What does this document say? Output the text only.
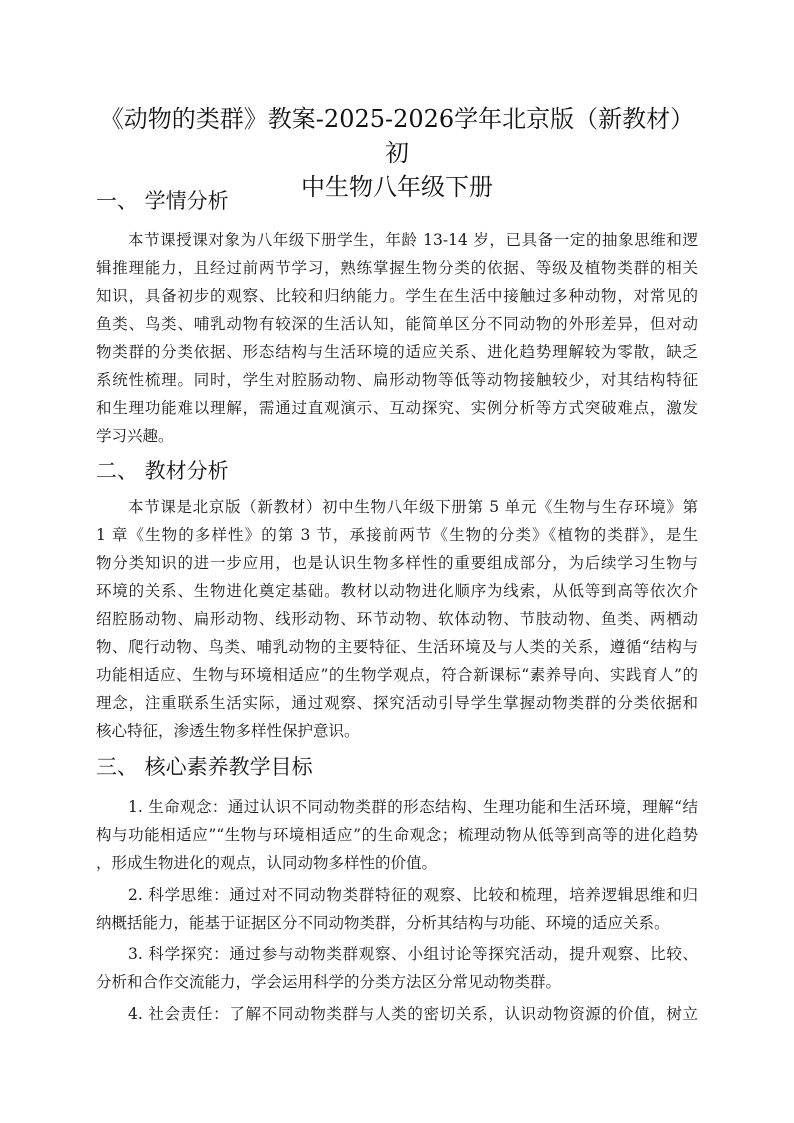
《动物的类群》教案-2025-2026学年北京版（新教材）初
中生物八年级下册
一、 学情分析
本节课授课对象为八年级下册学生，年龄 13-14 岁，已具备一定的抽象思维和逻
辑推理能力，且经过前两节学习，熟练掌握生物分类的依据、等级及植物类群的相关
知识，具备初步的观察、比较和归纳能力。学生在生活中接触过多种动物，对常见的
鱼类、鸟类、哺乳动物有较深的生活认知，能简单区分不同动物的外形差异，但对动
物类群的分类依据、形态结构与生活环境的适应关系、进化趋势理解较为零散，缺乏
系统性梳理。同时，学生对腔肠动物、扁形动物等低等动物接触较少，对其结构特征
和生理功能难以理解，需通过直观演示、互动探究、实例分析等方式突破难点，激发
学习兴趣。
二、 教材分析
本节课是北京版（新教材）初中生物八年级下册第 5 单元《生物与生存环境》第
1 章《生物的多样性》的第 3 节，承接前两节《生物的分类》《植物的类群》，是生
物分类知识的进一步应用，也是认识生物多样性的重要组成部分，为后续学习生物与
环境的关系、生物进化奠定基础。教材以动物进化顺序为线索，从低等到高等依次介
绍腔肠动物、扁形动物、线形动物、环节动物、软体动物、节肢动物、鱼类、两栖动
物、爬行动物、鸟类、哺乳动物的主要特征、生活环境及与人类的关系，遵循“结构与
功能相适应、生物与环境相适应”的生物学观点，符合新课标“素养导向、实践育人”的
理念，注重联系生活实际，通过观察、探究活动引导学生掌握动物类群的分类依据和
核心特征，渗透生物多样性保护意识。
三、 核心素养教学目标
1. 生命观念：通过认识不同动物类群的形态结构、生理功能和生活环境，理解“结
构与功能相适应”“生物与环境相适应”的生命观念；梳理动物从低等到高等的进化趋势
，形成生物进化的观点，认同动物多样性的价值。
2. 科学思维：通过对不同动物类群特征的观察、比较和梳理，培养逻辑思维和归
纳概括能力，能基于证据区分不同动物类群，分析其结构与功能、环境的适应关系。
3. 科学探究：通过参与动物类群观察、小组讨论等探究活动，提升观察、比较、
分析和合作交流能力，学会运用科学的分类方法区分常见动物类群。
4. 社会责任：了解不同动物类群与人类的密切关系，认识动物资源的价值，树立
